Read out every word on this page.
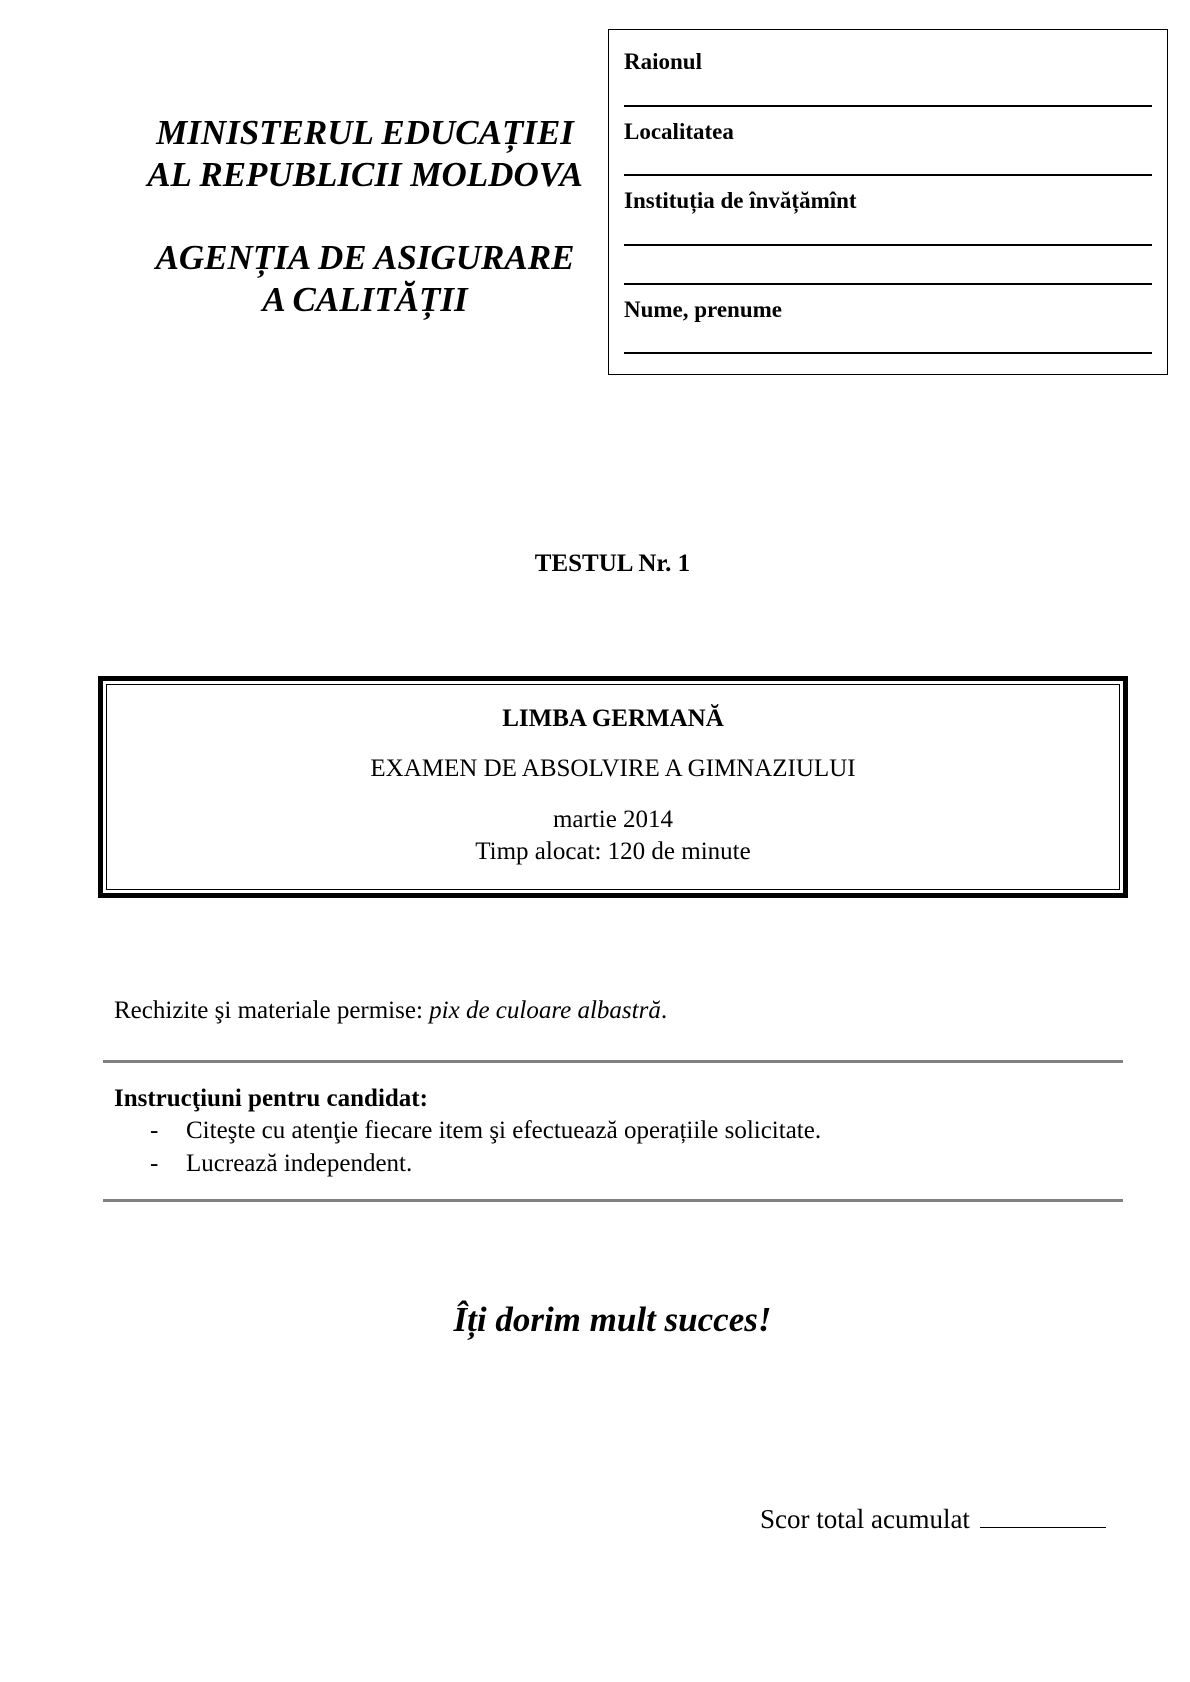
MINISTERUL EDUCAȚIEI
AL REPUBLICII MOLDOVA
AGENȚIA DE ASIGURARE
A CALITĂȚII
Raionul
Localitatea
Instituția de învățămînt
Nume, prenume
TESTUL Nr. 1
LIMBA GERMANĂ
EXAMEN DE ABSOLVIRE A GIMNAZIULUI
martie 2014
Timp alocat: 120 de minute
Rechizite şi materiale permise: pix de culoare albastră.
Instrucţiuni pentru candidat:
- Citeşte cu atenţie fiecare item şi efectuează operațiile solicitate.
- Lucrează independent.
Îți dorim mult succes!
Scor total acumulat
